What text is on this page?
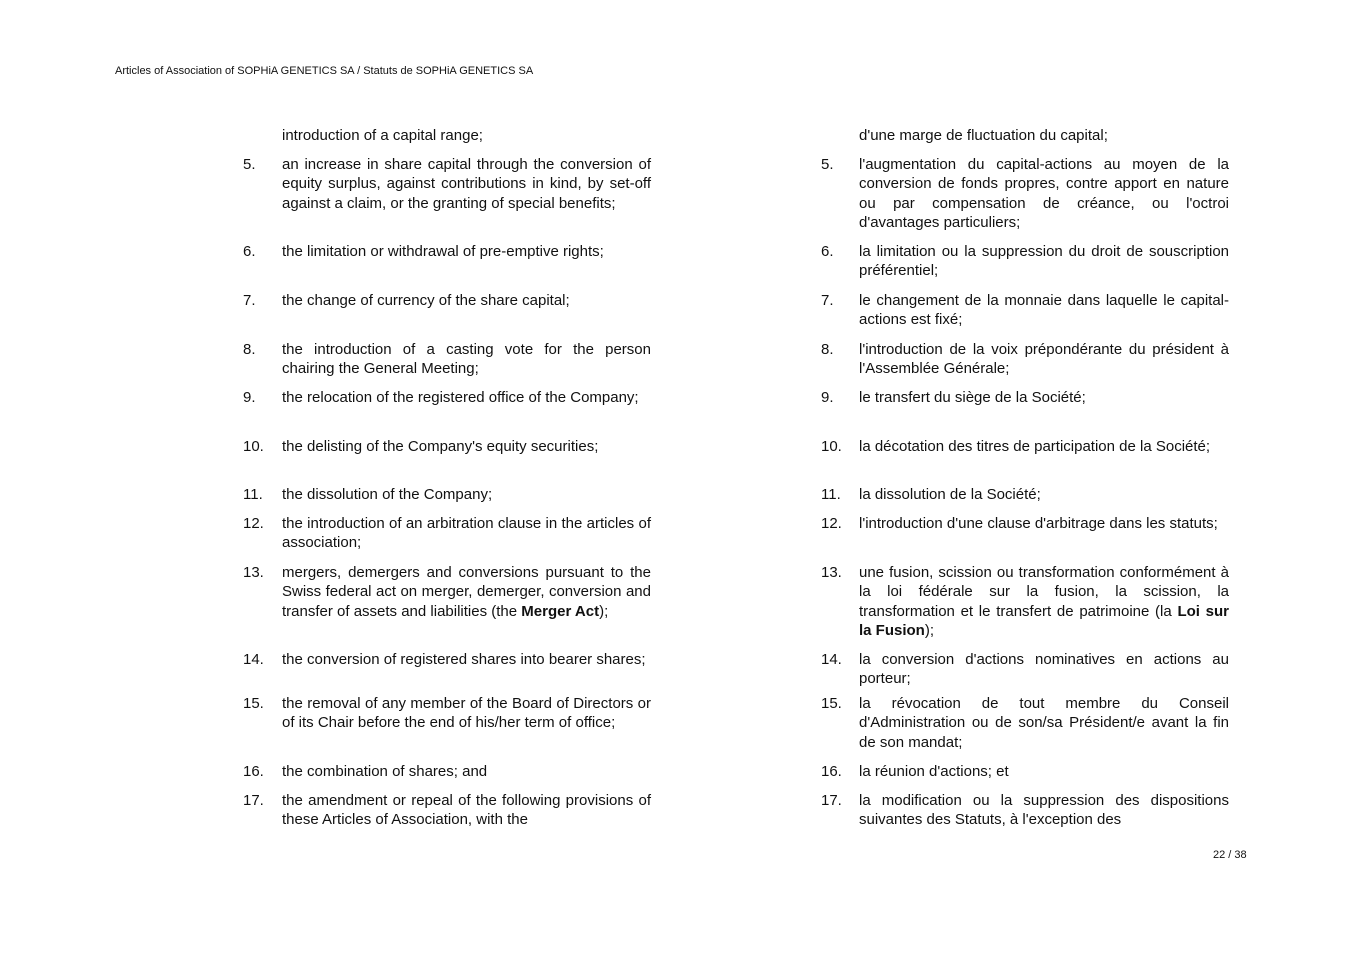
Articles of Association of SOPHiA GENETICS SA / Statuts de SOPHiA GENETICS SA
introduction of a capital range;
5. an increase in share capital through the conversion of equity surplus, against contributions in kind, by set-off against a claim, or the granting of special benefits;
6. the limitation or withdrawal of pre-emptive rights;
7. the change of currency of the share capital;
8. the introduction of a casting vote for the person chairing the General Meeting;
9. the relocation of the registered office of the Company;
10. the delisting of the Company's equity securities;
11. the dissolution of the Company;
12. the introduction of an arbitration clause in the articles of association;
13. mergers, demergers and conversions pursuant to the Swiss federal act on merger, demerger, conversion and transfer of assets and liabilities (the Merger Act);
14. the conversion of registered shares into bearer shares;
15. the removal of any member of the Board of Directors or of its Chair before the end of his/her term of office;
16. the combination of shares; and
17. the amendment or repeal of the following provisions of these Articles of Association, with the
d'une marge de fluctuation du capital;
5. l'augmentation du capital-actions au moyen de la conversion de fonds propres, contre apport en nature ou par compensation de créance, ou l'octroi d'avantages particuliers;
6. la limitation ou la suppression du droit de souscription préférentiel;
7. le changement de la monnaie dans laquelle le capital-actions est fixé;
8. l'introduction de la voix prépondérante du président à l'Assemblée Générale;
9. le transfert du siège de la Société;
10. la décotation des titres de participation de la Société;
11. la dissolution de la Société;
12. l'introduction d'une clause d'arbitrage dans les statuts;
13. une fusion, scission ou transformation conformément à la loi fédérale sur la fusion, la scission, la transformation et le transfert de patrimoine (la Loi sur la Fusion);
14. la conversion d'actions nominatives en actions au porteur;
15. la révocation de tout membre du Conseil d'Administration ou de son/sa Président/e avant la fin de son mandat;
16. la réunion d'actions; et
17. la modification ou la suppression des dispositions suivantes des Statuts, à l'exception des
22 / 38
